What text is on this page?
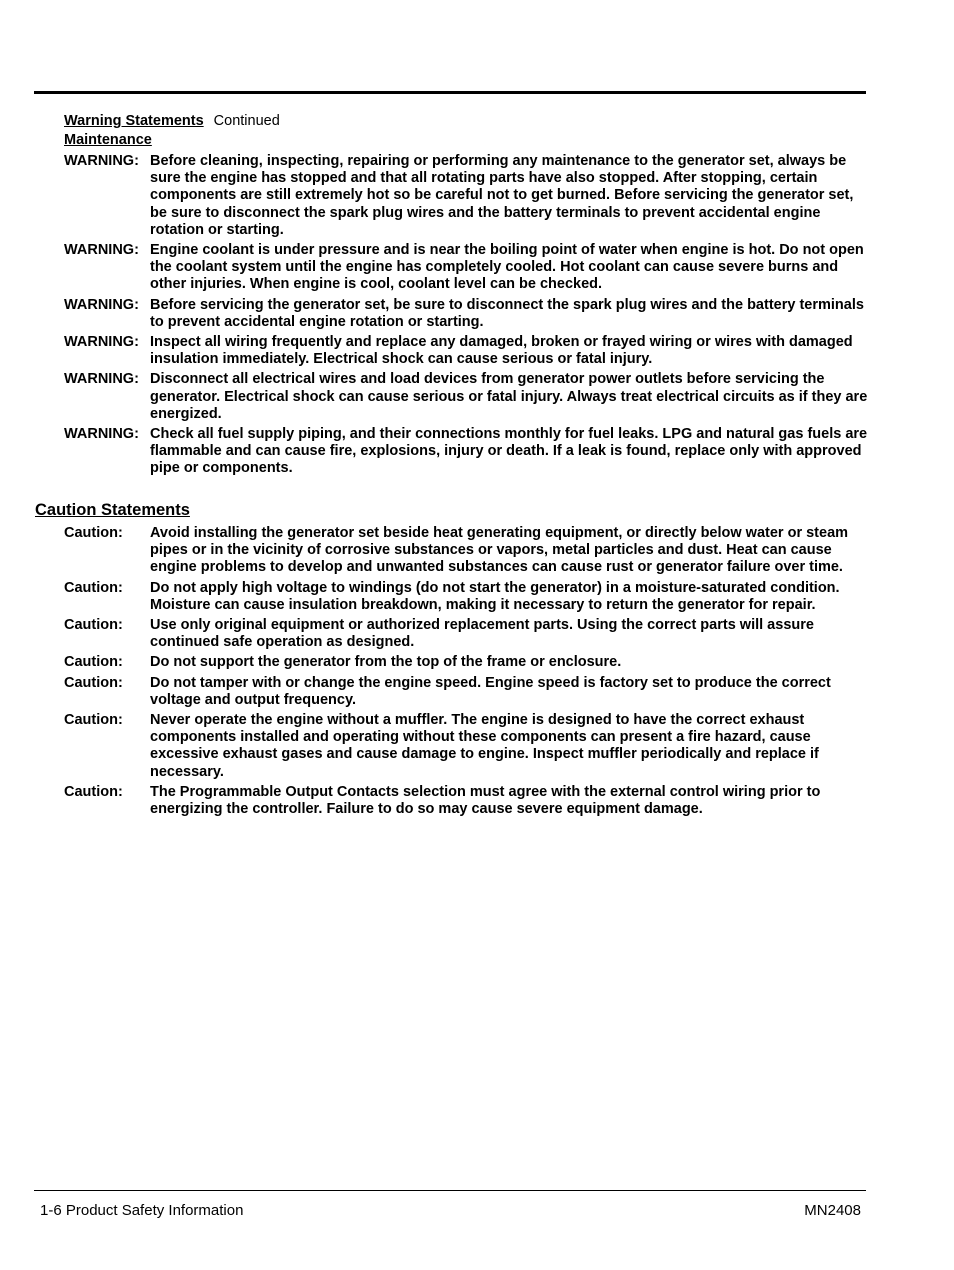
Warning Statements Continued
Maintenance
WARNING: Before cleaning, inspecting, repairing or performing any maintenance to the generator set, always be sure the engine has stopped and that all rotating parts have also stopped. After stopping, certain components are still extremely hot so be careful not to get burned. Before servicing the generator set, be sure to disconnect the spark plug wires and the battery terminals to prevent accidental engine rotation or starting.
WARNING: Engine coolant is under pressure and is near the boiling point of water when engine is hot. Do not open the coolant system until the engine has completely cooled. Hot coolant can cause severe burns and other injuries. When engine is cool, coolant level can be checked.
WARNING: Before servicing the generator set, be sure to disconnect the spark plug wires and the battery terminals to prevent accidental engine rotation or starting.
WARNING: Inspect all wiring frequently and replace any damaged, broken or frayed wiring or wires with damaged insulation immediately. Electrical shock can cause serious or fatal injury.
WARNING: Disconnect all electrical wires and load devices from generator power outlets before servicing the generator. Electrical shock can cause serious or fatal injury. Always treat electrical circuits as if they are energized.
WARNING: Check all fuel supply piping, and their connections monthly for fuel leaks. LPG and natural gas fuels are flammable and can cause fire, explosions, injury or death. If a leak is found, replace only with approved pipe or components.
Caution Statements
Caution:	Avoid installing the generator set beside heat generating equipment, or directly below water or steam pipes or in the vicinity of corrosive substances or vapors, metal particles and dust. Heat can cause engine problems to develop and unwanted substances can cause rust or generator failure over time.
Caution:	Do not apply high voltage to windings (do not start the generator) in a moisture-saturated condition. Moisture can cause insulation breakdown, making it necessary to return the generator for repair.
Caution:	Use only original equipment or authorized replacement parts. Using the correct parts will assure continued safe operation as designed.
Caution:	Do not support the generator from the top of the frame or enclosure.
Caution:	Do not tamper with or change the engine speed. Engine speed is factory set to produce the correct voltage and output frequency.
Caution:	Never operate the engine without a muffler. The engine is designed to have the correct exhaust components installed and operating without these components can present a fire hazard, cause excessive exhaust gases and cause damage to engine. Inspect muffler periodically and replace if necessary.
Caution:	The Programmable Output Contacts selection must agree with the external control wiring prior to energizing the controller. Failure to do so may cause severe equipment damage.
1-6 Product Safety Information	MN2408
